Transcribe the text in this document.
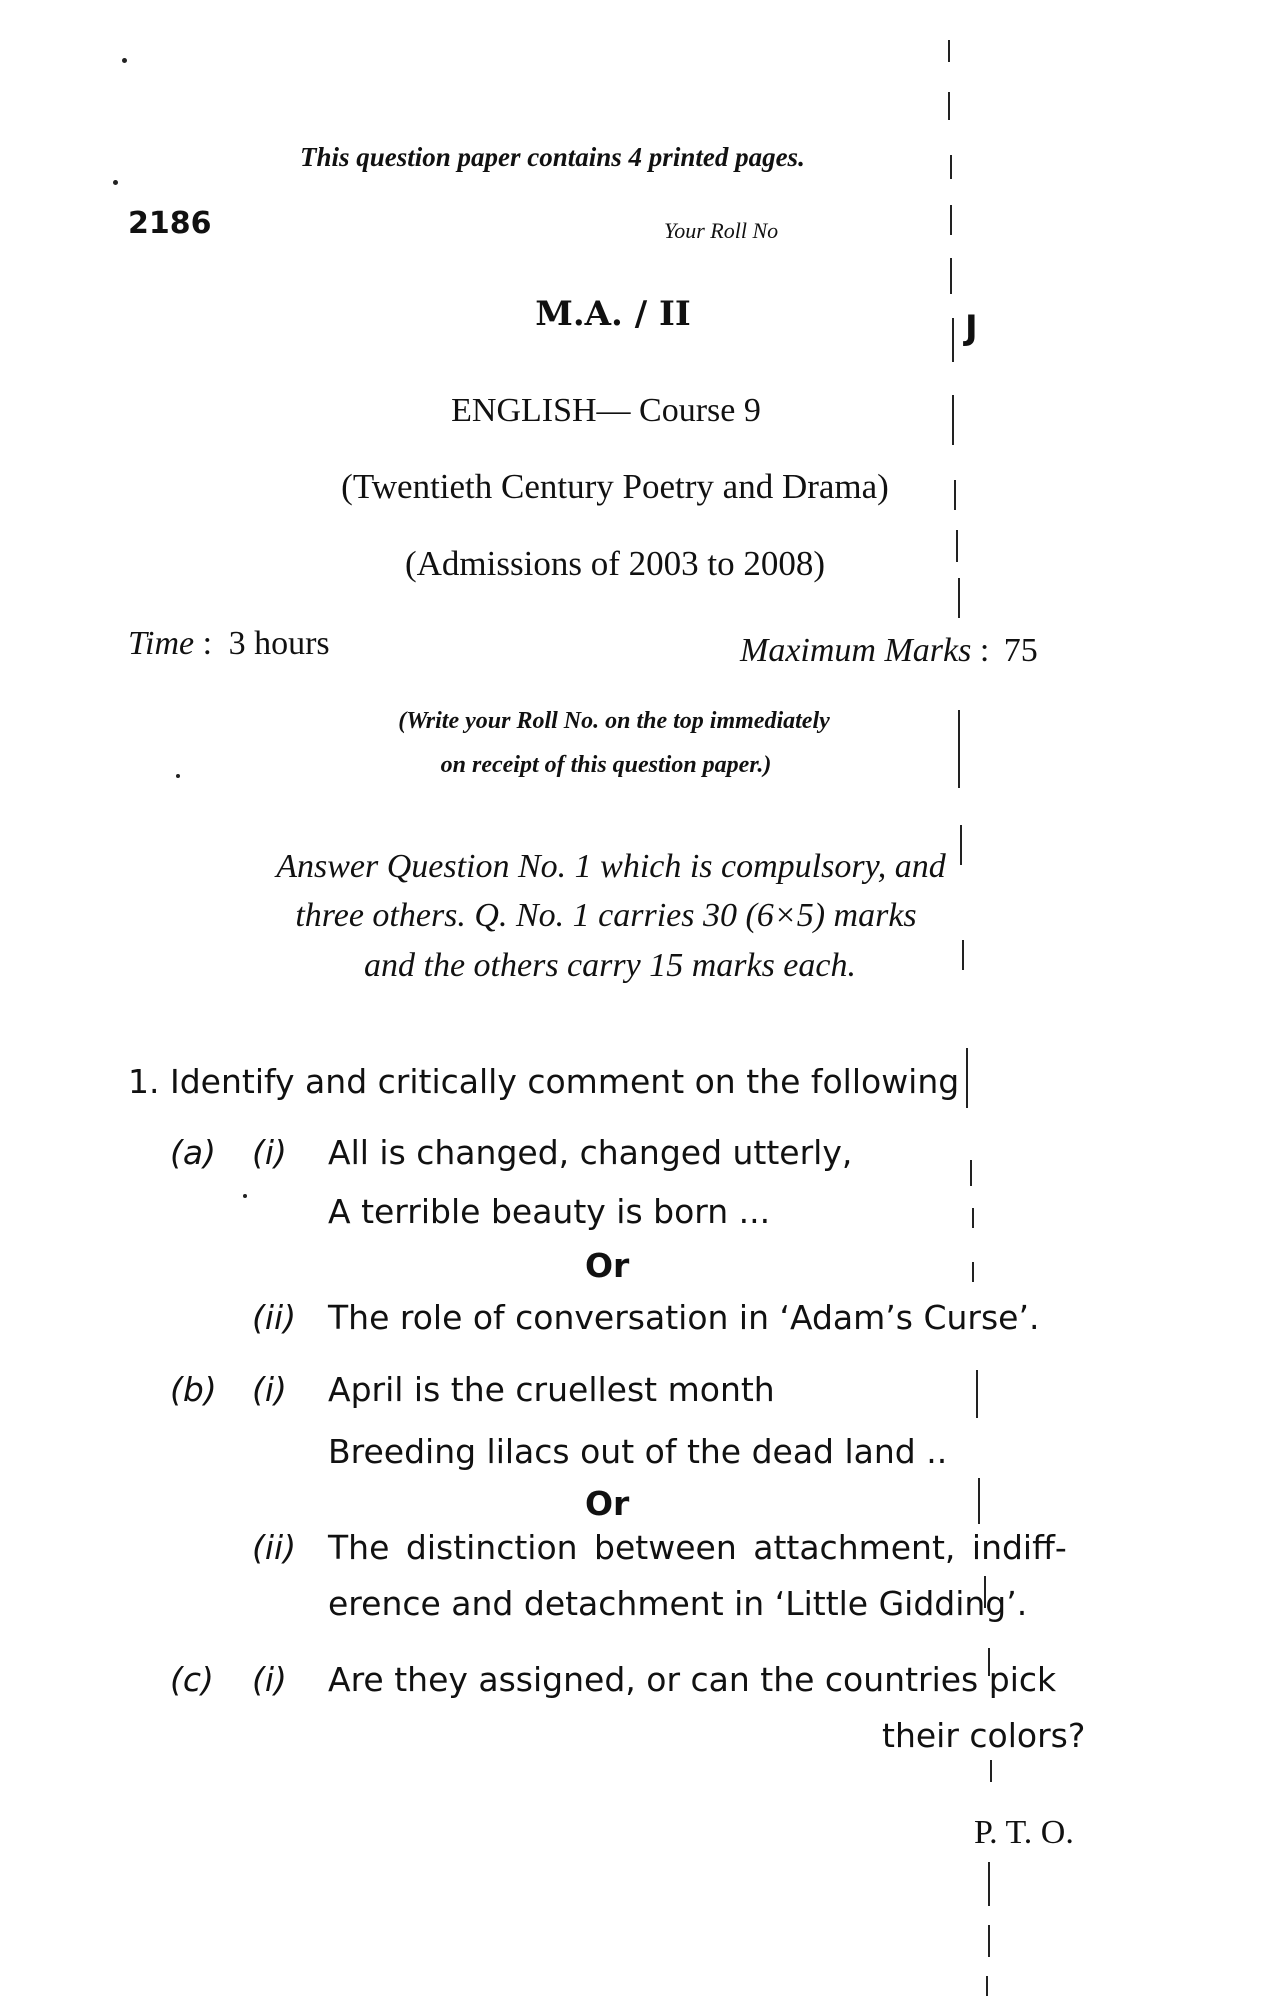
This question paper contains 4 printed pages.
2186	Your Roll No
J
M.A. / II
ENGLISH— Course 9
(Twentieth Century Poetry and Drama)
(Admissions of 2003 to 2008)
Time : 3 hours	Maximum Marks : 75
(Write your Roll No. on the top immediately
on receipt of this question paper.)
Answer Question No. 1 which is compulsory, and
three others. Q. No. 1 carries 30 (6×5) marks
and the others carry 15 marks each.
1. Identify and critically comment on the following
(a) (i) All is changed, changed utterly,
A terrible beauty is born ...
Or
(ii) The role of conversation in ‘Adam’s Curse’.
(b) (i) April is the cruellest month
Breeding lilacs out of the dead land ..
Or
(ii) The distinction between attachment, indiff-
erence and detachment in ‘Little Gidding’.
(c) (i) Are they assigned, or can the countries pick
their colors?
P. T. O.
